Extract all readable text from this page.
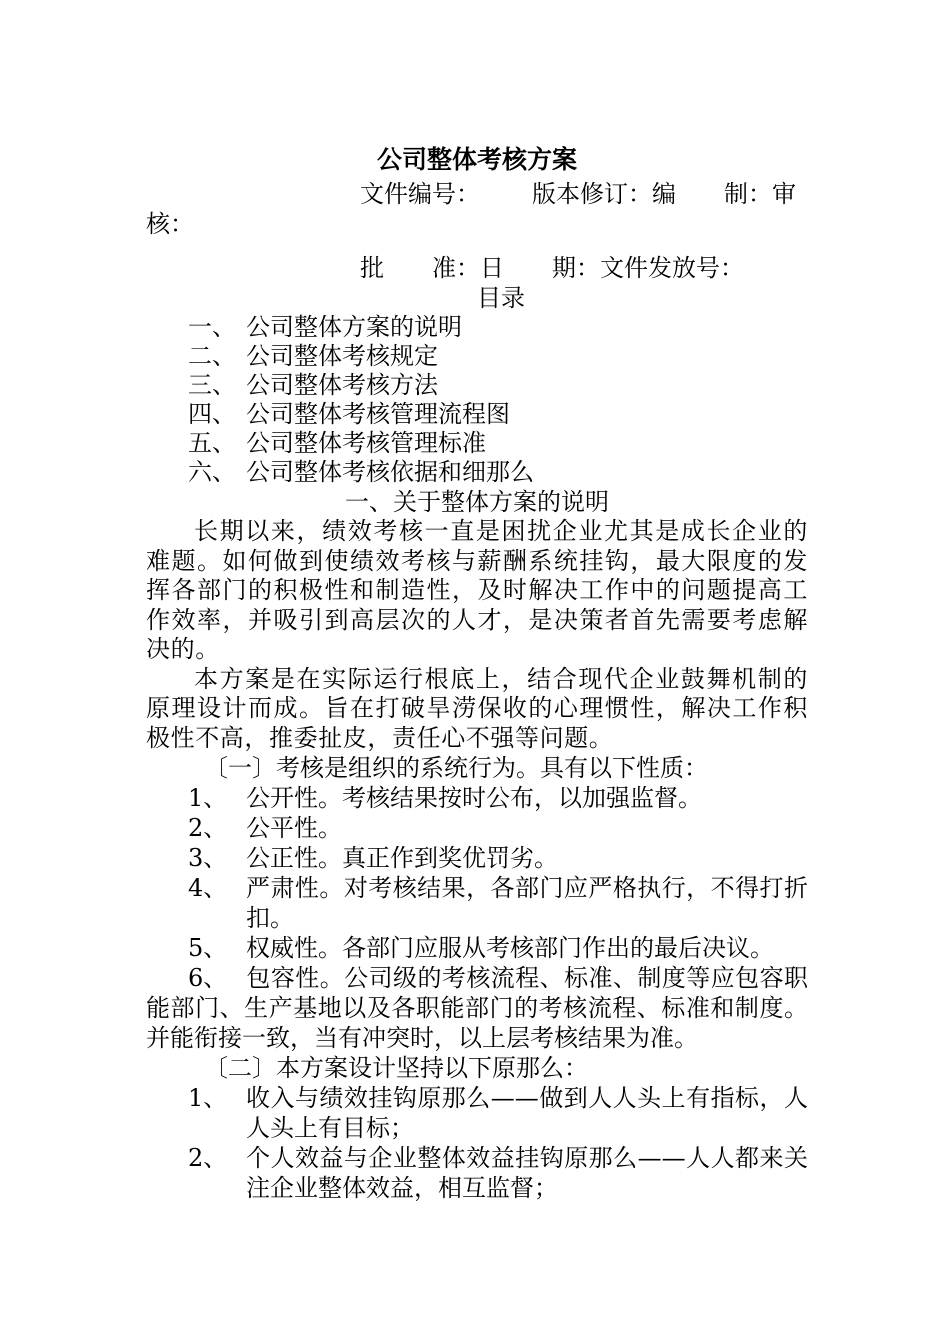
公司整体考核方案
文件编号： 版本修订：编 制：审
核：
批 准：日 期：文件发放号：
目录
一、 公司整体方案的说明
二、 公司整体考核规定
三、 公司整体考核方法
四、 公司整体考核管理流程图
五、 公司整体考核管理标准
六、 公司整体考核依据和细那么
一、关于整体方案的说明
长期以来，绩效考核一直是困扰企业尤其是成长企业的难题。如何做到使绩效考核与薪酬系统挂钩，最大限度的发挥各部门的积极性和制造性，及时解决工作中的问题提高工作效率，并吸引到高层次的人才，是决策者首先需要考虑解决的。
本方案是在实际运行根底上，结合现代企业鼓舞机制的原理设计而成。旨在打破旱涝保收的心理惯性，解决工作积极性不高，推委扯皮，责任心不强等问题。
〔一〕考核是组织的系统行为。具有以下性质：
1、 公开性。考核结果按时公布，以加强监督。
2、 公平性。
3、 公正性。真正作到奖优罚劣。
4、 严肃性。对考核结果，各部门应严格执行，不得打折扣。
5、 权威性。各部门应服从考核部门作出的最后决议。
6、 包容性。公司级的考核流程、标准、制度等应包容职能部门、生产基地以及各职能部门的考核流程、标准和制度。并能衔接一致，当有冲突时，以上层考核结果为准。
〔二〕本方案设计坚持以下原那么：
1、 收入与绩效挂钩原那么——做到人人头上有指标，人人头上有目标；
2、 个人效益与企业整体效益挂钩原那么——人人都来关注企业整体效益，相互监督；
